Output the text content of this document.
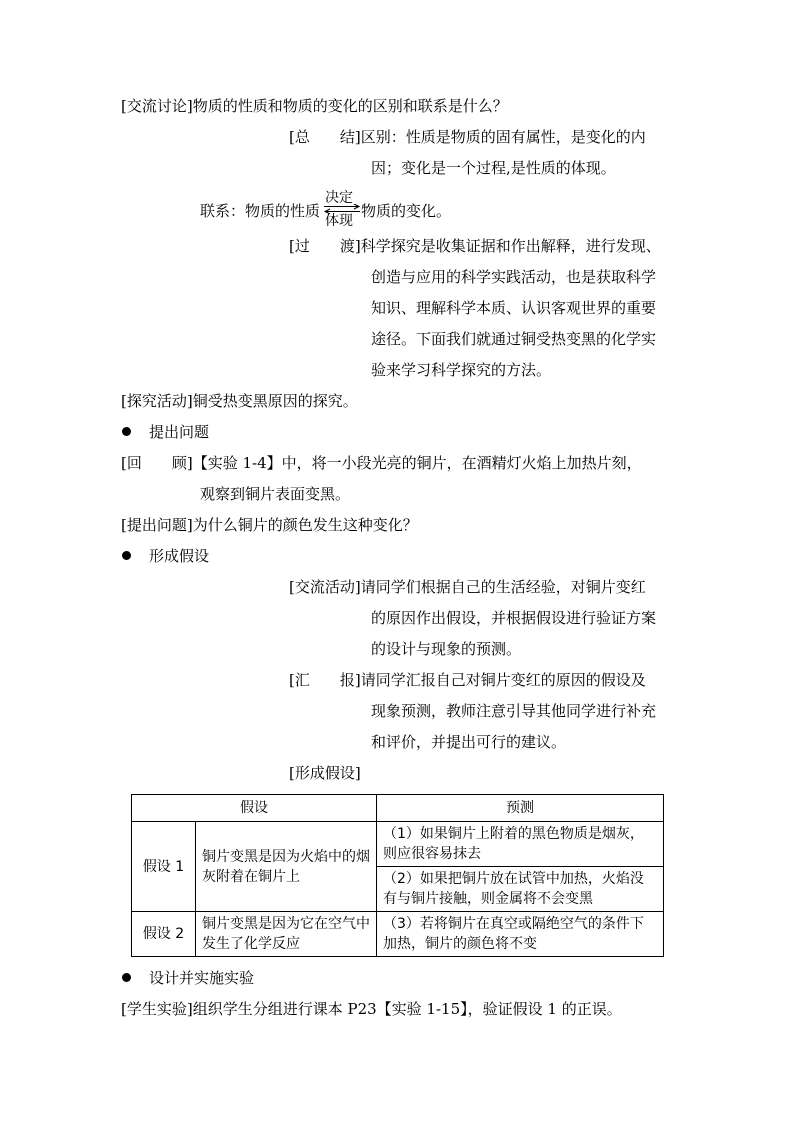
[交流讨论]物质的性质和物质的变化的区别和联系是什么？
[总　　结]区别：性质是物质的固有属性，是变化的内
因；变化是一个过程,是性质的体现。
联系：物质的性质
决定
体现
物质的变化。
[过　　渡]科学探究是收集证据和作出解释，进行发现、
创造与应用的科学实践活动，也是获取科学
知识、理解科学本质、认识客观世界的重要
途径。下面我们就通过铜受热变黑的化学实
验来学习科学探究的方法。
[探究活动]铜受热变黑原因的探究。
提出问题
[回　　顾]【实验 1-4】中，将一小段光亮的铜片，在酒精灯火焰上加热片刻，
观察到铜片表面变黑。
[提出问题]为什么铜片的颜色发生这种变化？
形成假设
[交流活动]请同学们根据自己的生活经验，对铜片变红
的原因作出假设，并根据假设进行验证方案
的设计与现象的预测。
[汇　　报]请同学汇报自己对铜片变红的原因的假设及
现象预测，教师注意引导其他同学进行补充
和评价，并提出可行的建议。
[形成假设]
假设		预测
假设 1	铜片变黑是因为火焰中的烟灰附着在铜片上	（1）如果铜片上附着的黑色物质是烟灰，则应很容易抹去
		（2）如果把铜片放在试管中加热，火焰没有与铜片接触，则金属将不会变黑
假设 2	铜片变黑是因为它在空气中发生了化学反应	（3）若将铜片在真空或隔绝空气的条件下加热，铜片的颜色将不变
设计并实施实验
[学生实验]组织学生分组进行课本 P23【实验 1-15】，验证假设 1 的正误。
